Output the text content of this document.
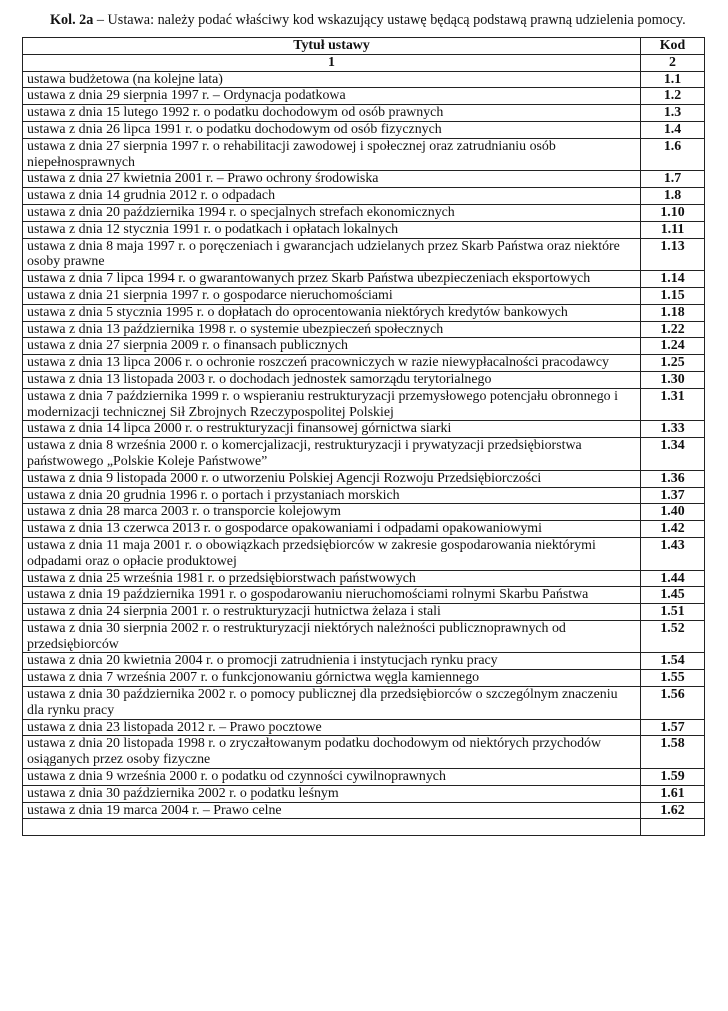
Kol. 2a – Ustawa: należy podać właściwy kod wskazujący ustawę będącą podstawą prawną udzielenia pomocy.

Tytuł ustawy	Kod
1	2
ustawa budżetowa (na kolejne lata)	1.1
ustawa z dnia 29 sierpnia 1997 r. – Ordynacja podatkowa	1.2
ustawa z dnia 15 lutego 1992 r. o podatku dochodowym od osób prawnych	1.3
ustawa z dnia 26 lipca 1991 r. o podatku dochodowym od osób fizycznych	1.4
ustawa z dnia 27 sierpnia 1997 r. o rehabilitacji zawodowej i społecznej oraz zatrudnianiu osób niepełnosprawnych	1.6
ustawa z dnia 27 kwietnia 2001 r. – Prawo ochrony środowiska	1.7
ustawa z dnia 14 grudnia 2012 r. o odpadach	1.8
ustawa z dnia 20 października 1994 r. o specjalnych strefach ekonomicznych	1.10
ustawa z dnia 12 stycznia 1991 r. o podatkach i opłatach lokalnych	1.11
ustawa z dnia 8 maja 1997 r. o poręczeniach i gwarancjach udzielanych przez Skarb Państwa oraz niektóre osoby prawne	1.13
ustawa z dnia 7 lipca 1994 r. o gwarantowanych przez Skarb Państwa ubezpieczeniach eksportowych	1.14
ustawa z dnia 21 sierpnia 1997 r. o gospodarce nieruchomościami	1.15
ustawa z dnia 5 stycznia 1995 r. o dopłatach do oprocentowania niektórych kredytów bankowych	1.18
ustawa z dnia 13 października 1998 r. o systemie ubezpieczeń społecznych	1.22
ustawa z dnia 27 sierpnia 2009 r. o finansach publicznych	1.24
ustawa z dnia 13 lipca 2006 r. o ochronie roszczeń pracowniczych w razie niewypłacalności pracodawcy	1.25
ustawa z dnia 13 listopada 2003 r. o dochodach jednostek samorządu terytorialnego	1.30
ustawa z dnia 7 października 1999 r. o wspieraniu restrukturyzacji przemysłowego potencjału obronnego i modernizacji technicznej Sił Zbrojnych Rzeczypospolitej Polskiej	1.31
ustawa z dnia 14 lipca 2000 r. o restrukturyzacji finansowej górnictwa siarki	1.33
ustawa z dnia 8 września 2000 r. o komercjalizacji, restrukturyzacji i prywatyzacji przedsiębiorstwa państwowego „Polskie Koleje Państwowe”	1.34
ustawa z dnia 9 listopada 2000 r. o utworzeniu Polskiej Agencji Rozwoju Przedsiębiorczości	1.36
ustawa z dnia 20 grudnia 1996 r. o portach i przystaniach morskich	1.37
ustawa z dnia 28 marca 2003 r. o transporcie kolejowym	1.40
ustawa z dnia 13 czerwca 2013 r. o gospodarce opakowaniami i odpadami opakowaniowymi	1.42
ustawa z dnia 11 maja 2001 r. o obowiązkach przedsiębiorców w zakresie gospodarowania niektórymi odpadami oraz o opłacie produktowej	1.43
ustawa z dnia 25 września 1981 r. o przedsiębiorstwach państwowych	1.44
ustawa z dnia 19 października 1991 r. o gospodarowaniu nieruchomościami rolnymi Skarbu Państwa	1.45
ustawa z dnia 24 sierpnia 2001 r. o restrukturyzacji hutnictwa żelaza i stali	1.51
ustawa z dnia 30 sierpnia 2002 r. o restrukturyzacji niektórych należności publicznoprawnych od przedsiębiorców	1.52
ustawa z dnia 20 kwietnia 2004 r. o promocji zatrudnienia i instytucjach rynku pracy	1.54
ustawa z dnia 7 września 2007 r. o funkcjonowaniu górnictwa węgla kamiennego	1.55
ustawa z dnia 30 października 2002 r. o pomocy publicznej dla przedsiębiorców o szczególnym znaczeniu dla rynku pracy	1.56
ustawa z dnia 23 listopada 2012 r. – Prawo pocztowe	1.57
ustawa z dnia 20 listopada 1998 r. o zryczałtowanym podatku dochodowym od niektórych przychodów osiąganych przez osoby fizyczne	1.58
ustawa z dnia 9 września 2000 r. o podatku od czynności cywilnoprawnych	1.59
ustawa z dnia 30 października 2002 r. o podatku leśnym	1.61
ustawa z dnia 19 marca 2004 r. – Prawo celne	1.62
